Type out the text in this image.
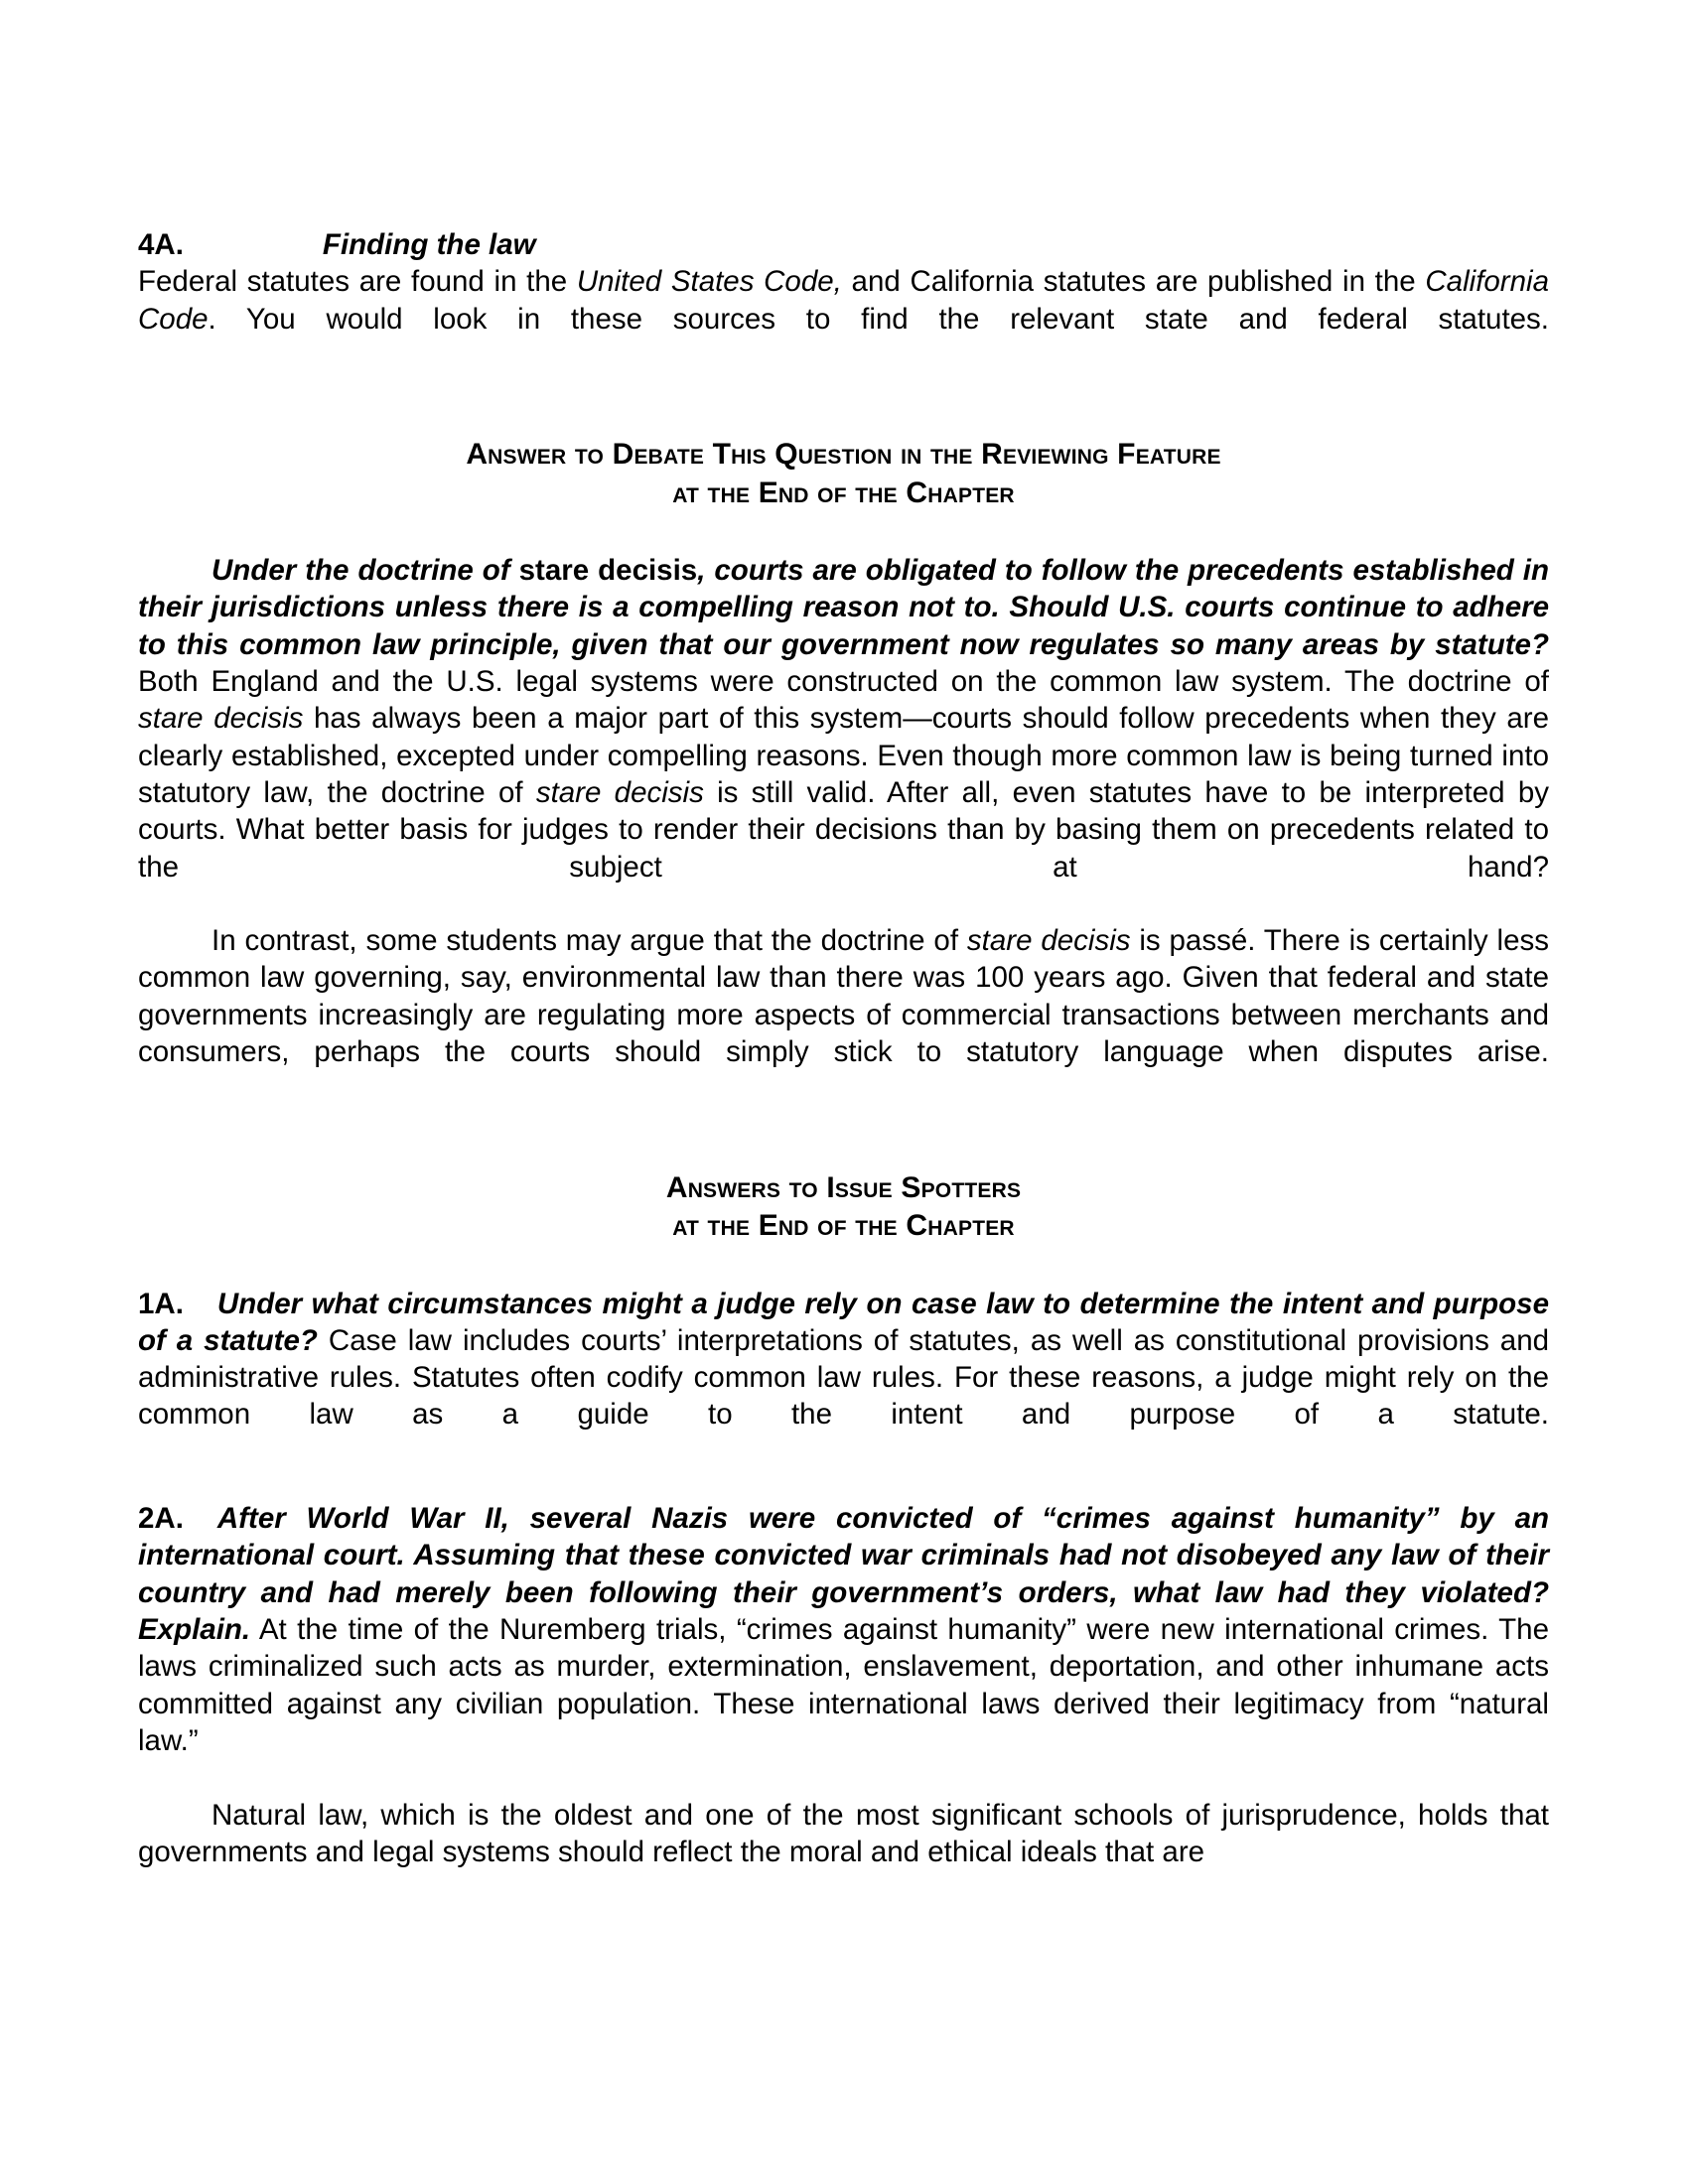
4A.	Finding the law

Federal statutes are found in the United States Code, and California statutes are published in the California Code. You would look in these sources to find the relevant state and federal statutes.

Answer to Debate This Question in the Reviewing Feature

at the End of the Chapter

Under the doctrine of stare decisis, courts are obligated to follow the precedents established in their jurisdictions unless there is a compelling reason not to. Should U.S. courts continue to adhere to this common law principle, given that our government now regulates so many areas by statute? Both England and the U.S. legal systems were constructed on the common law system. The doctrine of stare decisis has always been a major part of this system—courts should follow precedents when they are clearly established, excepted under compelling reasons. Even though more common law is being turned into statutory law, the doctrine of stare decisis is still valid. After all, even statutes have to be interpreted by courts. What better basis for judges to render their decisions than by basing them on precedents related to the subject at hand?

In contrast, some students may argue that the doctrine of stare decisis is passé. There is certainly less common law governing, say, environmental law than there was 100 years ago. Given that federal and state governments increasingly are regulating more aspects of commercial transactions between merchants and consumers, perhaps the courts should simply stick to statutory language when disputes arise.

Answers to Issue Spotters

at the End of the Chapter

1A. Under what circumstances might a judge rely on case law to determine the intent and purpose of a statute? Case law includes courts’ interpretations of statutes, as well as constitutional provisions and administrative rules. Statutes often codify common law rules. For these reasons, a judge might rely on the common law as a guide to the intent and purpose of a statute.

2A. After World War II, several Nazis were convicted of “crimes against humanity” by an international court. Assuming that these convicted war criminals had not disobeyed any law of their country and had merely been following their government’s orders, what law had they violated? Explain. At the time of the Nuremberg trials, “crimes against humanity” were new international crimes. The laws criminalized such acts as murder, extermination, enslavement, deportation, and other inhumane acts committed against any civilian population. These international laws derived their legitimacy from “natural law.”

Natural law, which is the oldest and one of the most significant schools of jurisprudence, holds that governments and legal systems should reflect the moral and ethical ideals that are
